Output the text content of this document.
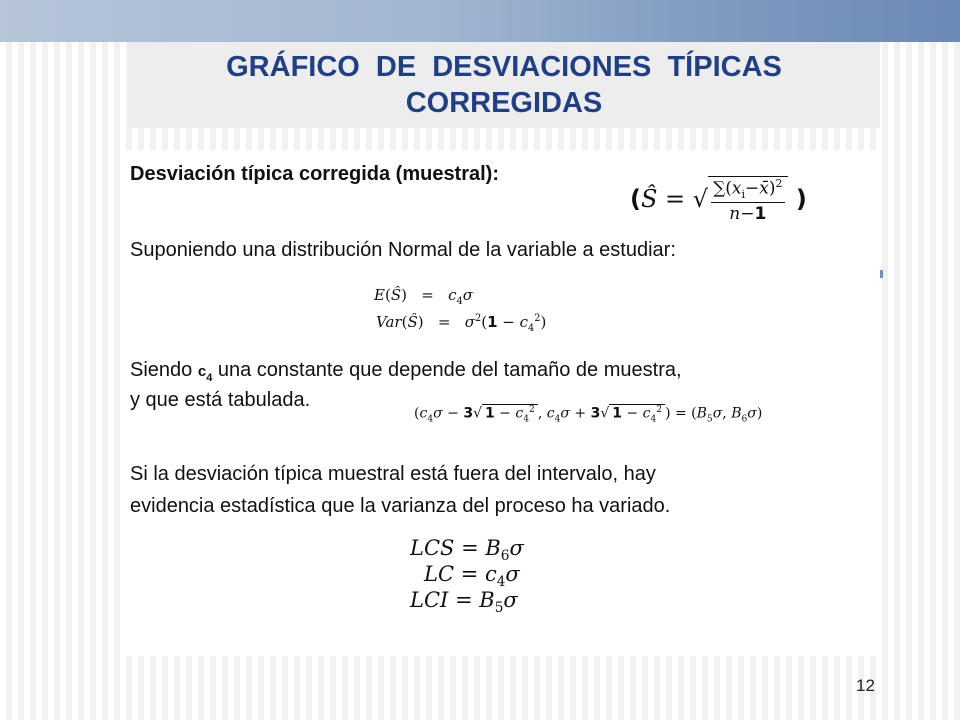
GRÁFICO DE DESVIACIONES TÍPICAS CORREGIDAS
Desviación típica corregida (muestral):
(Ŝ = √ $\frac{\sum(x_i-x̄)^2}{n-1}$ )
Suponiendo una distribución Normal de la variable a estudiar:
E(Ŝ)   =   $c_4\sigma$
Var(Ŝ)   =   $\sigma^2(1 - c_4^2)$
Siendo $c_4$ una constante que depende del tamaño de muestra,
y que está tabulada.
($c_4\sigma - 3√$ $1 - c_4^2$ , $c_4\sigma + 3√$ $1 - c_4^2$ ) = ($B_5\sigma$, $B_6\sigma$)
Si la desviación típica muestral está fuera del intervalo, hay
evidencia estadística que la varianza del proceso ha variado.
LCS = $B_6\sigma$
LC = $c_4\sigma$
LCI = $B_5\sigma$
12
